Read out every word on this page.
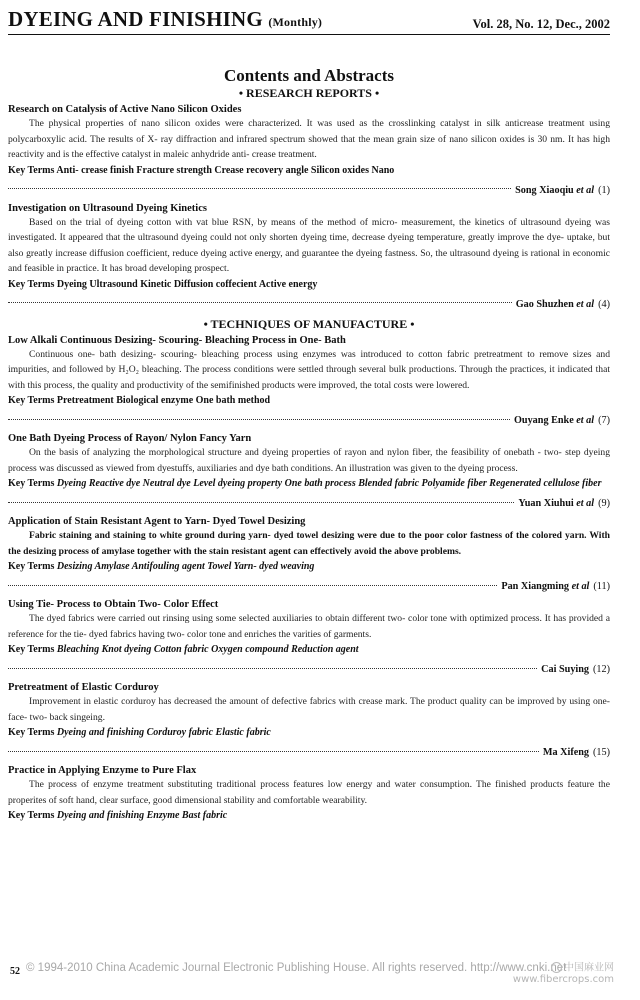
DYEING AND FINISHING (Monthly)	Vol. 28, No. 12, Dec., 2002
Contents and Abstracts
• RESEARCH REPORTS •
Research on Catalysis of Active Nano Silicon Oxides
The physical properties of nano silicon oxides were characterized. It was used as the crosslinking catalyst in silk anticrease treatment using polycarboxylic acid. The results of X- ray diffraction and infrared spectrum showed that the mean grain size of nano silicon oxides is 30 nm. It has high reactivity and is the effective catalyst in maleic anhydride anti- crease treatment.
Key Terms Anti- crease finish Fracture strength Crease recovery angle Silicon oxides Nano
Song Xiaoqiu et al (1)
Investigation on Ultrasound Dyeing Kinetics
Based on the trial of dyeing cotton with vat blue RSN, by means of the method of micro- measurement, the kinetics of ultrasound dyeing was investigated. It appeared that the ultrasound dyeing could not only shorten dyeing time, decrease dyeing temperature, greatly improve the dye- uptake, but also greatly increase diffusion coefficient, reduce dyeing active energy, and guarantee the dyeing fastness. So, the ultrasound dyeing is rational in economic and feasible in practice. It has broad developing prospect.
Key Terms Dyeing Ultrasound Kinetic Diffusion coffecient Active energy
Gao Shuzhen et al (4)
• TECHNIQUES OF MANUFACTURE •
Low Alkali Continuous Desizing- Scouring- Bleaching Process in One- Bath
Continuous one- bath desizing- scouring- bleaching process using enzymes was introduced to cotton fabric pretreatment to remove sizes and impurities, and followed by H₂O₂ bleaching. The process conditions were settled through several bulk productions. Through the practices, it indicated that with this process, the quality and productivity of the semifinished products were improved, the total costs were lowered.
Key Terms Pretreatment Biological enzyme One bath method
Ouyang Enke et al (7)
One Bath Dyeing Process of Rayon/ Nylon Fancy Yarn
On the basis of analyzing the morphological structure and dyeing properties of rayon and nylon fiber, the feasibility of onebath - two- step dyeing process was discussed as viewed from dyestuffs, auxiliaries and dye bath conditions. An illustration was given to the dyeing process.
Key Terms Dyeing Reactive dye Neutral dye Level dyeing property One bath process Blended fabric Polyamide fiber Regenerated cellulose fiber
Yuan Xiuhui et al (9)
Application of Stain Resistant Agent to Yarn- Dyed Towel Desizing
Fabric staining and staining to white ground during yarn- dyed towel desizing were due to the poor color fastness of the colored yarn. With the desizing process of amylase together with the stain resistant agent can effectively avoid the above problems.
Key Terms Desizing Amylase Antifouling agent Towel Yarn- dyed weaving
Pan Xiangming et al (11)
Using Tie- Process to Obtain Two- Color Effect
The dyed fabrics were carried out rinsing using some selected auxiliaries to obtain different two- color tone with optimized process. It has provided a reference for the tie- dyed fabrics having two- color tone and enriches the varities of garments.
Key Terms Bleaching Knot dyeing Cotton fabric Oxygen compound Reduction agent
Cai Suying (12)
Pretreatment of Elastic Corduroy
Improvement in elastic corduroy has decreased the amount of defective fabrics with crease mark. The product quality can be improved by using one- face- two- back singeing.
Key Terms Dyeing and finishing Corduroy fabric Elastic fabric
Ma Xifeng (15)
Practice in Applying Enzyme to Pure Flax
The process of enzyme treatment substituting traditional process features low energy and water consumption. The finished products feature the properites of soft hand, clear surface, good dimensional stability and comfortable wearability.
Key Terms Dyeing and finishing Enzyme Bast fabric
52 © 1994-2010 China Academic Journal Electronic Publishing House. All rights reserved. http://www.cnki.net
中国麻业网
www.fibercrops.com
